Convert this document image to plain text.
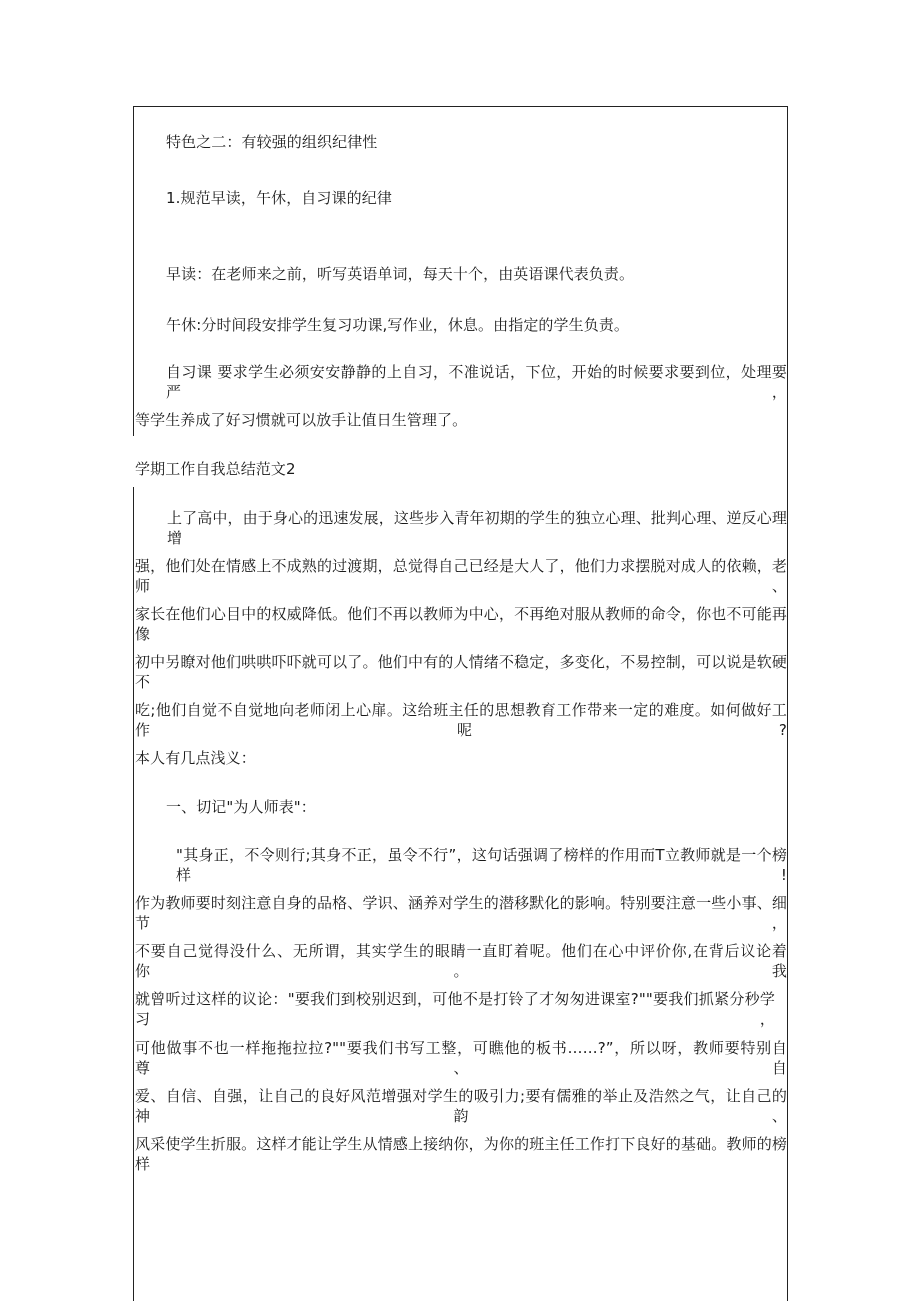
特色之二：有较强的组织纪律性
1.规范早读，午休，自习课的纪律
早读：在老师来之前，听写英语单词，每天十个，由英语课代表负责。
午休:分时间段安排学生复习功课,写作业，休息。由指定的学生负责。
自习课 要求学生必须安安静静的上自习，不准说话，下位，开始的时候要求要到位，处理要严，
等学生养成了好习惯就可以放手让值日生管理了。
学期工作自我总结范文2
上了高中，由于身心的迅速发展，这些步入青年初期的学生的独立心理、批判心理、逆反心理增
强，他们处在情感上不成熟的过渡期，总觉得自己已经是大人了，他们力求摆脱对成人的依赖，老师、
家长在他们心目中的权威降低。他们不再以教师为中心，不再绝对服从教师的命令，你也不可能再像
初中另瞭对他们哄哄吓吓就可以了。他们中有的人情绪不稳定，多变化，不易控制，可以说是软硬不
吃;他们自觉不自觉地向老师闭上心扉。这给班主任的思想教育工作带来一定的难度。如何做好工作呢?
本人有几点浅义：
一、切记"为人师表"：
"其身正，不令则行;其身不正，虽令不行”，这句话强调了榜样的作用而T立教师就是一个榜样!
作为教师要时刻注意自身的品格、学识、涵养对学生的潜移默化的影响。特别要注意一些小事、细节，
不要自己觉得没什么、无所谓，其实学生的眼睛一直盯着呢。他们在心中评价你,在背后议论着你。我
就曾听过这样的议论："要我们到校别迟到，可他不是打铃了才匆匆进课室?""要我们抓紧分秒学习，
可他做事不也一样拖拖拉拉?""要我们书写工整，可瞧他的板书……?”，所以呀，教师要特别自尊、自
爱、自信、自强，让自己的良好风范增强对学生的吸引力;要有儒雅的举止及浩然之气，让自己的神韵、
风采使学生折服。这样才能让学生从情感上接纳你，为你的班主任工作打下良好的基础。教师的榜样
